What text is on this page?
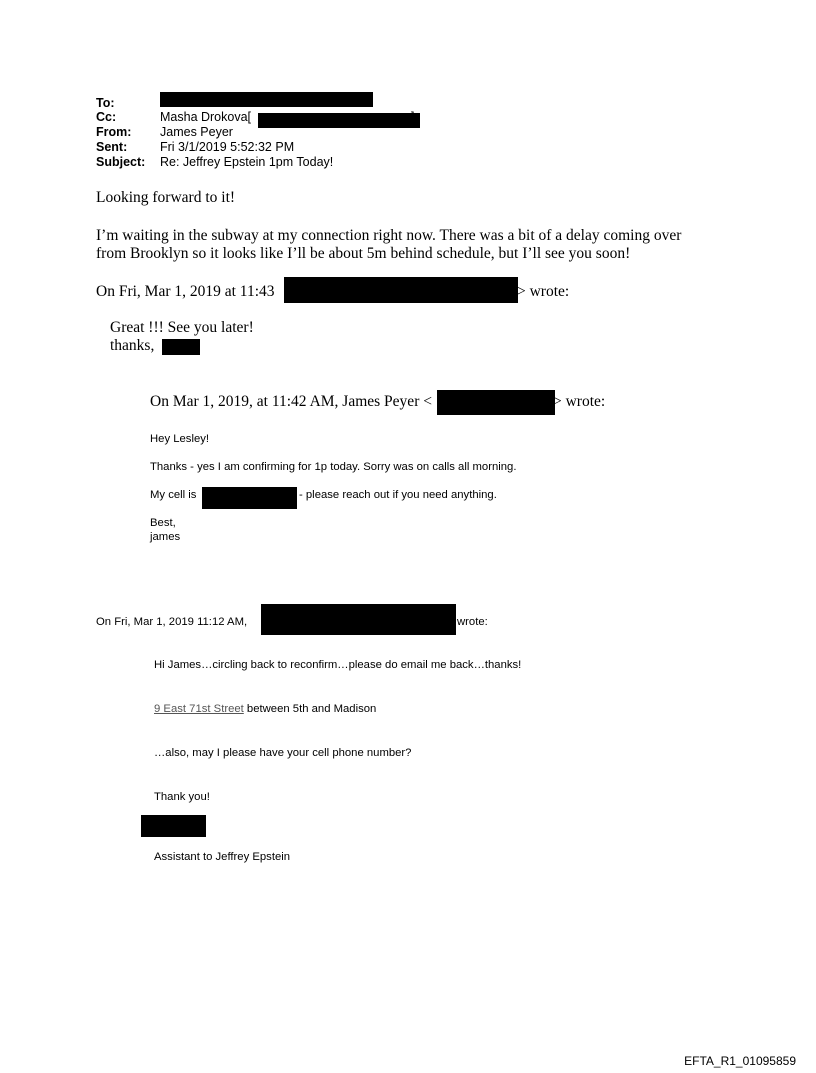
To:
Cc:	Masha Drokova[
From: James Peyer
Sent:	Fri 3/1/2019 5:52:32 PM
Subject: Re: Jeffrey Epstein 1pm Today!
Looking forward to it!
I’m waiting in the subway at my connection right now. There was a bit of a delay coming over
from Brooklyn so it looks like I’ll be about 5m behind schedule, but I’ll see you soon!
On Fri, Mar 1, 2019 at 11:43	> wrote:
Great !!! See you later!
thanks,
On Mar 1, 2019, at 11:42 AM, James Peyer <	> wrote:
Hey Lesley!
Thanks - yes I am confirming for 1p today. Sorry was on calls all morning.
My cell is	- please reach out if you need anything.
Best,
james
On Fri, Mar 1, 2019 11:12 AM,	wrote:
Hi James…circling back to reconfirm…please do email me back…thanks!
9 East 71st Street between 5th and Madison
…also, may I please have your cell phone number?
Thank you!
Assistant to Jeffrey Epstein
EFTA_R1_01095859
